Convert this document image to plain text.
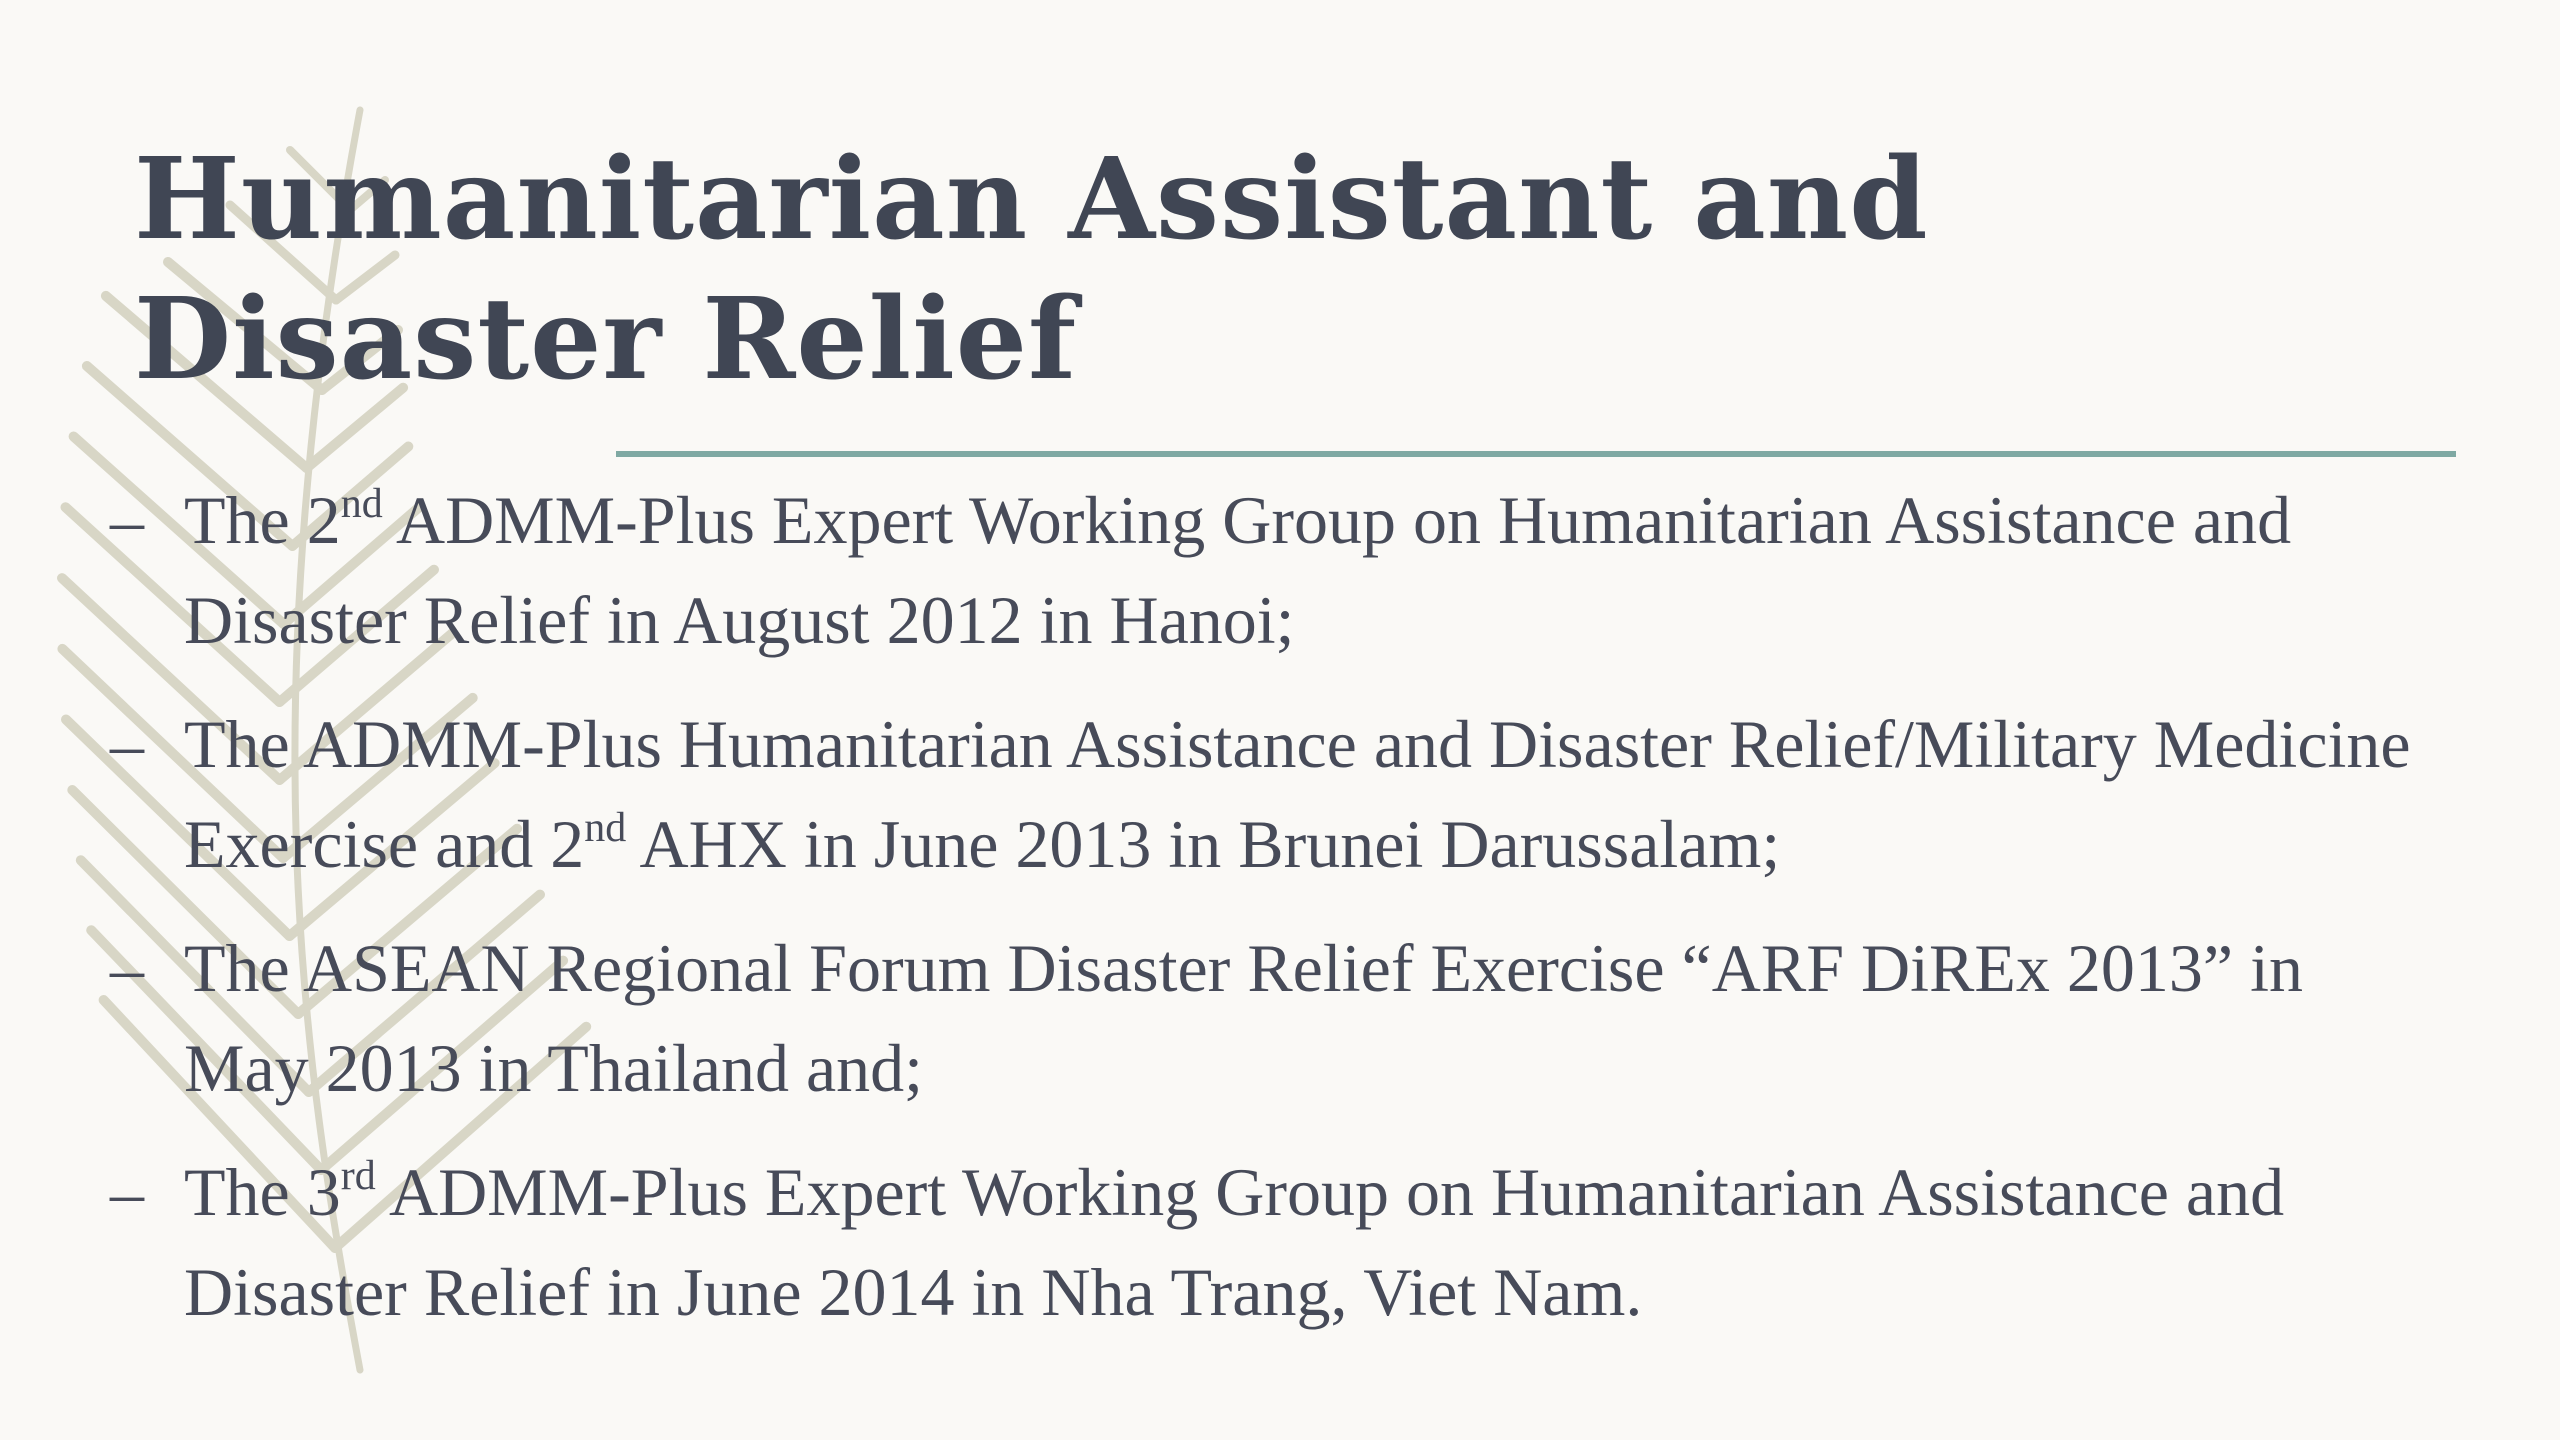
Humanitarian Assistant and Disaster Relief
– The 2nd ADMM-Plus Expert Working Group on Humanitarian Assistance and Disaster Relief in August 2012 in Hanoi;
– The ADMM-Plus Humanitarian Assistance and Disaster Relief/Military Medicine Exercise and 2nd AHX in June 2013 in Brunei Darussalam;
– The ASEAN Regional Forum Disaster Relief Exercise “ARF DiREx 2013” in May 2013 in Thailand and;
– The 3rd ADMM-Plus Expert Working Group on Humanitarian Assistance and Disaster Relief in June 2014 in Nha Trang, Viet Nam.
